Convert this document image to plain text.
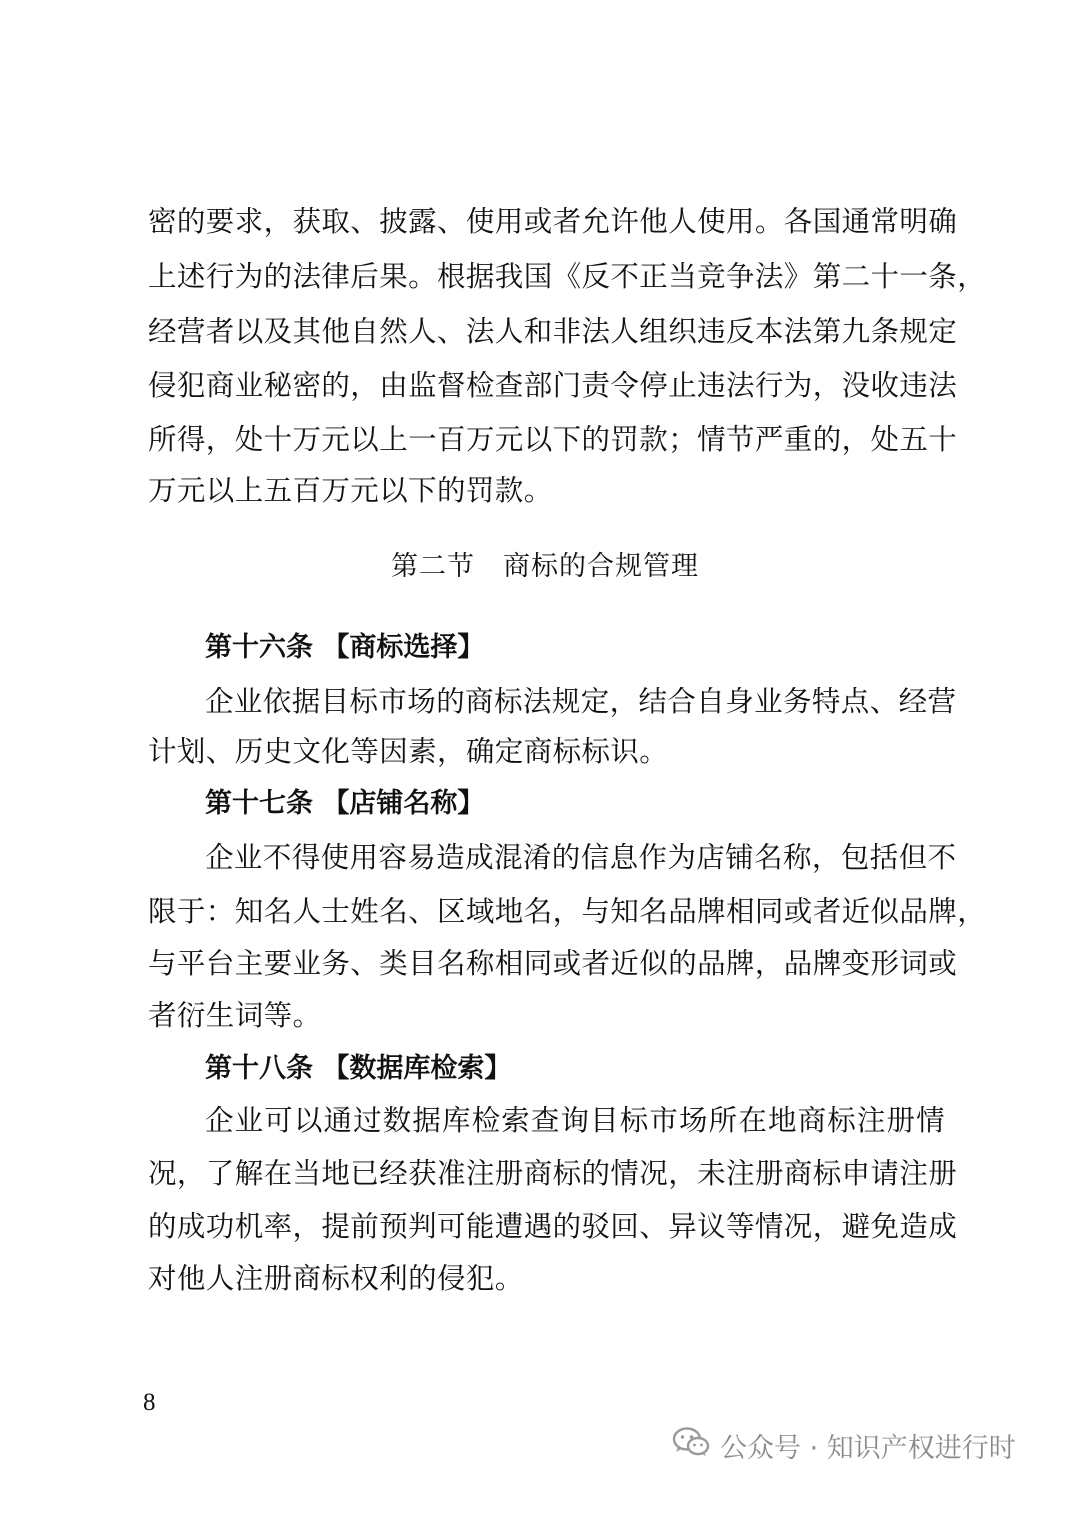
密的要求，获取、披露、使用或者允许他人使用。各国通常明确
上述行为的法律后果。根据我国《反不正当竞争法》第二十一条，
经营者以及其他自然人、法人和非法人组织违反本法第九条规定
侵犯商业秘密的，由监督检查部门责令停止违法行为，没收违法
所得，处十万元以上一百万元以下的罚款；情节严重的，处五十
万元以上五百万元以下的罚款。
第二节　商标的合规管理
第十六条 【商标选择】
企业依据目标市场的商标法规定，结合自身业务特点、经营
计划、历史文化等因素，确定商标标识。
第十七条 【店铺名称】
企业不得使用容易造成混淆的信息作为店铺名称，包括但不
限于：知名人士姓名、区域地名，与知名品牌相同或者近似品牌，
与平台主要业务、类目名称相同或者近似的品牌，品牌变形词或
者衍生词等。
第十八条 【数据库检索】
企业可以通过数据库检索查询目标市场所在地商标注册情
况，了解在当地已经获准注册商标的情况，未注册商标申请注册
的成功机率，提前预判可能遭遇的驳回、异议等情况，避免造成
对他人注册商标权利的侵犯。
8
公众号 · 知识产权进行时
